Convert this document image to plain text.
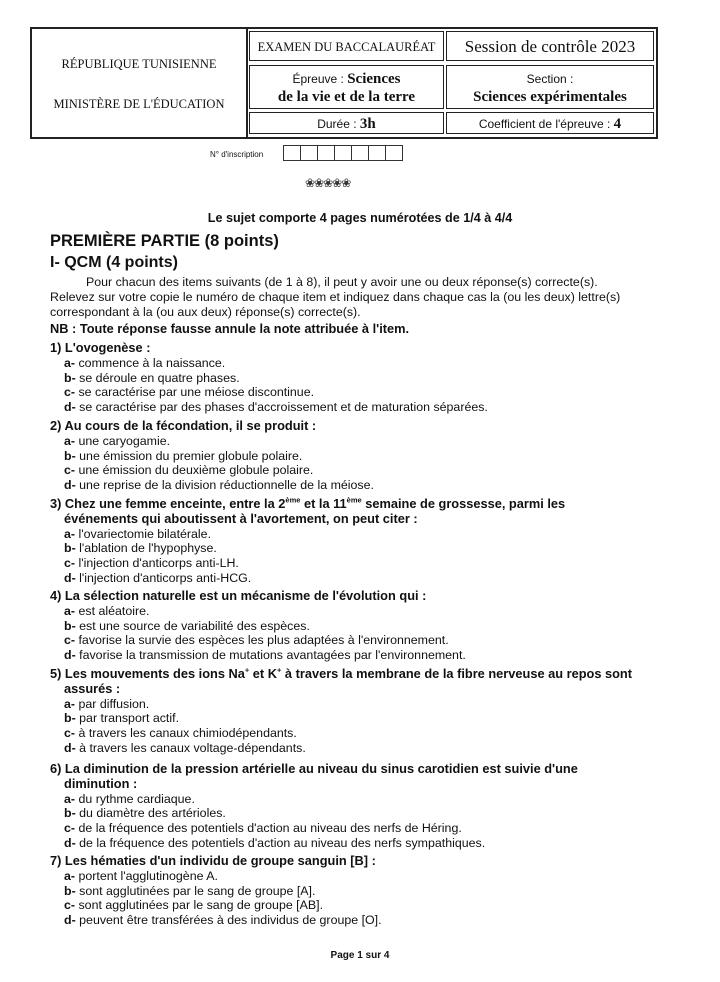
RÉPUBLIQUE TUNISIENNE
MINISTÈRE DE L'ÉDUCATION
EXAMEN DU BACCALAURÉAT	Session de contrôle 2023
Épreuve : Sciences
de la vie et de la terre
Section :
Sciences expérimentales
Durée : 3h	Coefficient de l'épreuve : 4
N° d'inscription
❀❀❀❀❀
Le sujet comporte 4 pages numérotées de 1/4 à 4/4
PREMIÈRE PARTIE (8 points)
I- QCM (4 points)
Pour chacun des items suivants (de 1 à 8), il peut y avoir une ou deux réponse(s) correcte(s).
Relevez sur votre copie le numéro de chaque item et indiquez dans chaque cas la (ou les deux) lettre(s)
correspondant à la (ou aux deux) réponse(s) correcte(s).
NB : Toute réponse fausse annule la note attribuée à l'item.
1) L'ovogenèse :
a- commence à la naissance.
b- se déroule en quatre phases.
c- se caractérise par une méiose discontinue.
d- se caractérise par des phases d'accroissement et de maturation séparées.
2) Au cours de la fécondation, il se produit :
a- une caryogamie.
b- une émission du premier globule polaire.
c- une émission du deuxième globule polaire.
d- une reprise de la division réductionnelle de la méiose.
3) Chez une femme enceinte, entre la 2ème et la 11ème semaine de grossesse, parmi les
événements qui aboutissent à l'avortement, on peut citer :
a- l'ovariectomie bilatérale.
b- l'ablation de l'hypophyse.
c- l'injection d'anticorps anti-LH.
d- l'injection d'anticorps anti-HCG.
4) La sélection naturelle est un mécanisme de l'évolution qui :
a- est aléatoire.
b- est une source de variabilité des espèces.
c- favorise la survie des espèces les plus adaptées à l'environnement.
d- favorise la transmission de mutations avantagées par l'environnement.
5) Les mouvements des ions Na+ et K+ à travers la membrane de la fibre nerveuse au repos sont
assurés :
a- par diffusion.
b- par transport actif.
c- à travers les canaux chimiodépendants.
d- à travers les canaux voltage-dépendants.
6) La diminution de la pression artérielle au niveau du sinus carotidien est suivie d'une
diminution :
a- du rythme cardiaque.
b- du diamètre des artérioles.
c- de la fréquence des potentiels d'action au niveau des nerfs de Héring.
d- de la fréquence des potentiels d'action au niveau des nerfs sympathiques.
7) Les hématies d'un individu de groupe sanguin [B] :
a- portent l'agglutinogène A.
b- sont agglutinées par le sang de groupe [A].
c- sont agglutinées par le sang de groupe [AB].
d- peuvent être transférées à des individus de groupe [O].
Page 1 sur 4
